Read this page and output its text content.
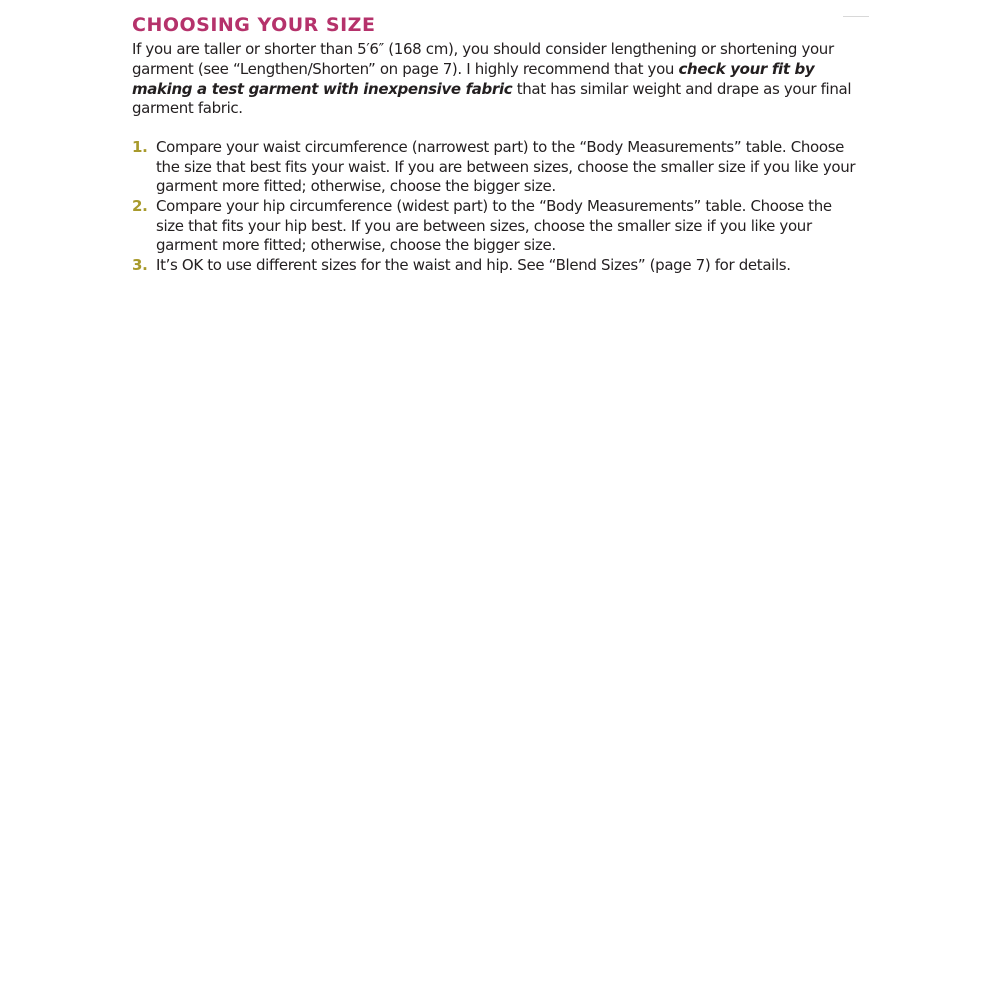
CHOOSING YOUR SIZE

If you are taller or shorter than 5′6″ (168 cm), you should consider lengthening or shortening your garment (see “Lengthen/Shorten” on page 7). I highly recommend that you check your fit by making a test garment with inexpensive fabric that has similar weight and drape as your final garment fabric.

1. Compare your waist circumference (narrowest part) to the “Body Measurements” table. Choose the size that best fits your waist. If you are between sizes, choose the smaller size if you like your garment more fitted; otherwise, choose the bigger size.
2. Compare your hip circumference (widest part) to the “Body Measurements” table. Choose the size that fits your hip best. If you are between sizes, choose the smaller size if you like your garment more fitted; otherwise, choose the bigger size.
3. It’s OK to use different sizes for the waist and hip. See “Blend Sizes” (page 7) for details.
